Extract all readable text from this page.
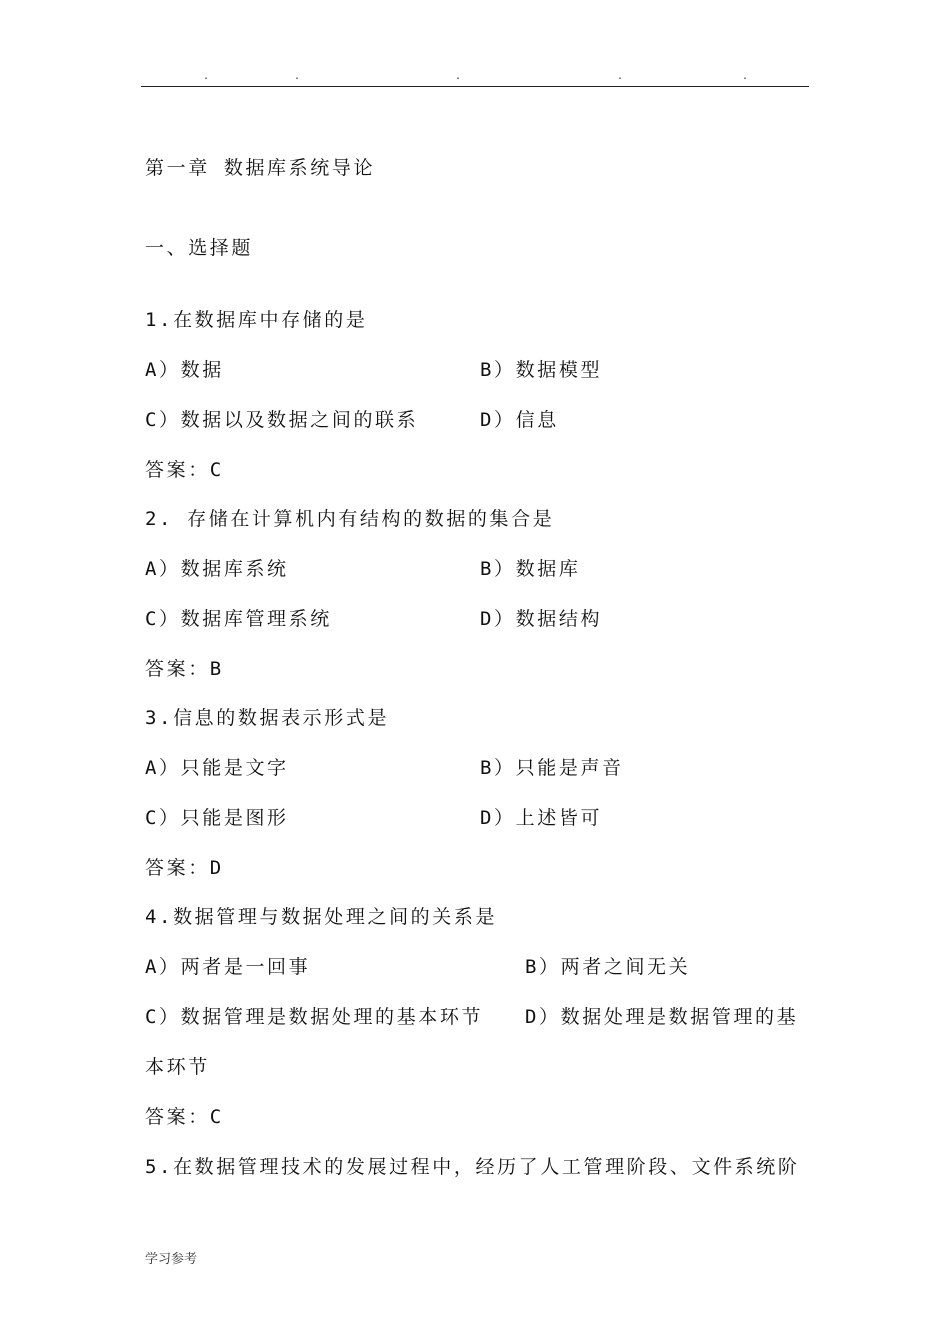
.	.	.	.	.
第一章 数据库系统导论
一、选择题
1.在数据库中存储的是
A）数据	B）数据模型
C）数据以及数据之间的联系	D）信息
答案：C
2. 存储在计算机内有结构的数据的集合是
A）数据库系统	B）数据库
C）数据库管理系统	D）数据结构
答案：B
3.信息的数据表示形式是
A）只能是文字	B）只能是声音
C）只能是图形	D）上述皆可
答案：D
4.数据管理与数据处理之间的关系是
A）两者是一回事	B）两者之间无关
C）数据管理是数据处理的基本环节 D）数据处理是数据管理的基
本环节
答案：C
5.在数据管理技术的发展过程中，经历了人工管理阶段、文件系统阶
学习参考
